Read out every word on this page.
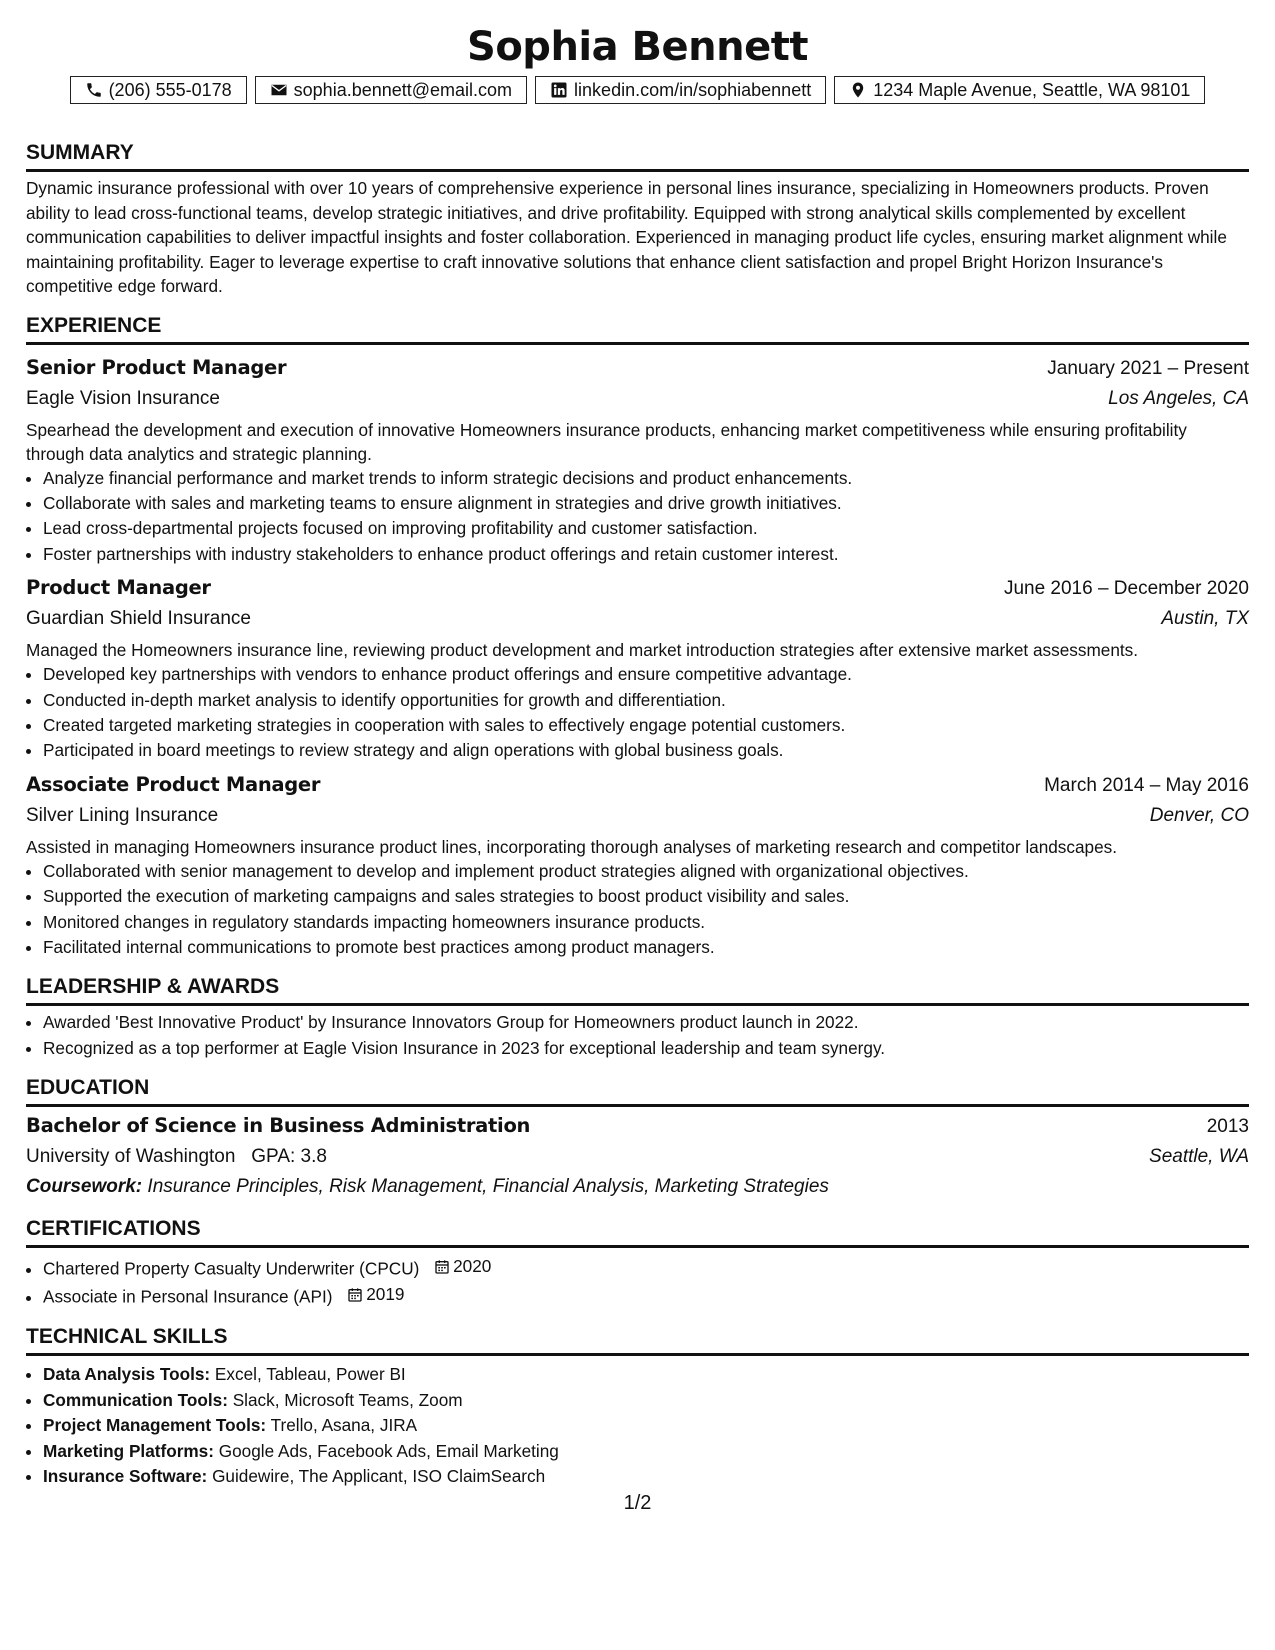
Sophia Bennett
(206) 555-0178	sophia.bennett@email.com	linkedin.com/in/sophiabennett	1234 Maple Avenue, Seattle, WA 98101
SUMMARY

Dynamic insurance professional with over 10 years of comprehensive experience in personal lines insurance, specializing in Homeowners products. Proven ability to lead cross-functional teams, develop strategic initiatives, and drive profitability. Equipped with strong analytical skills complemented by excellent communication capabilities to deliver impactful insights and foster collaboration. Experienced in managing product life cycles, ensuring market alignment while maintaining profitability. Eager to leverage expertise to craft innovative solutions that enhance client satisfaction and propel Bright Horizon Insurance's competitive edge forward.

EXPERIENCE
Senior Product Manager	January 2021 – Present
Eagle Vision Insurance	Los Angeles, CA
Spearhead the development and execution of innovative Homeowners insurance products, enhancing market competitiveness while ensuring profitability through data analytics and strategic planning.
• Analyze financial performance and market trends to inform strategic decisions and product enhancements.
• Collaborate with sales and marketing teams to ensure alignment in strategies and drive growth initiatives.
• Lead cross-departmental projects focused on improving profitability and customer satisfaction.
• Foster partnerships with industry stakeholders to enhance product offerings and retain customer interest.
Product Manager	June 2016 – December 2020
Guardian Shield Insurance	Austin, TX
Managed the Homeowners insurance line, reviewing product development and market introduction strategies after extensive market assessments.
• Developed key partnerships with vendors to enhance product offerings and ensure competitive advantage.
• Conducted in-depth market analysis to identify opportunities for growth and differentiation.
• Created targeted marketing strategies in cooperation with sales to effectively engage potential customers.
• Participated in board meetings to review strategy and align operations with global business goals.
Associate Product Manager	March 2014 – May 2016
Silver Lining Insurance	Denver, CO
Assisted in managing Homeowners insurance product lines, incorporating thorough analyses of marketing research and competitor landscapes.
• Collaborated with senior management to develop and implement product strategies aligned with organizational objectives.
• Supported the execution of marketing campaigns and sales strategies to boost product visibility and sales.
• Monitored changes in regulatory standards impacting homeowners insurance products.
• Facilitated internal communications to promote best practices among product managers.
LEADERSHIP & AWARDS
• Awarded 'Best Innovative Product' by Insurance Innovators Group for Homeowners product launch in 2022.
• Recognized as a top performer at Eagle Vision Insurance in 2023 for exceptional leadership and team synergy.
EDUCATION
Bachelor of Science in Business Administration	2013
University of Washington GPA: 3.8	Seattle, WA
Coursework: Insurance Principles, Risk Management, Financial Analysis, Marketing Strategies
CERTIFICATIONS
• Chartered Property Casualty Underwriter (CPCU) 2020
• Associate in Personal Insurance (API) 2019
TECHNICAL SKILLS
• Data Analysis Tools: Excel, Tableau, Power BI
• Communication Tools: Slack, Microsoft Teams, Zoom
• Project Management Tools: Trello, Asana, JIRA
• Marketing Platforms: Google Ads, Facebook Ads, Email Marketing
• Insurance Software: Guidewire, The Applicant, ISO ClaimSearch
1/2
